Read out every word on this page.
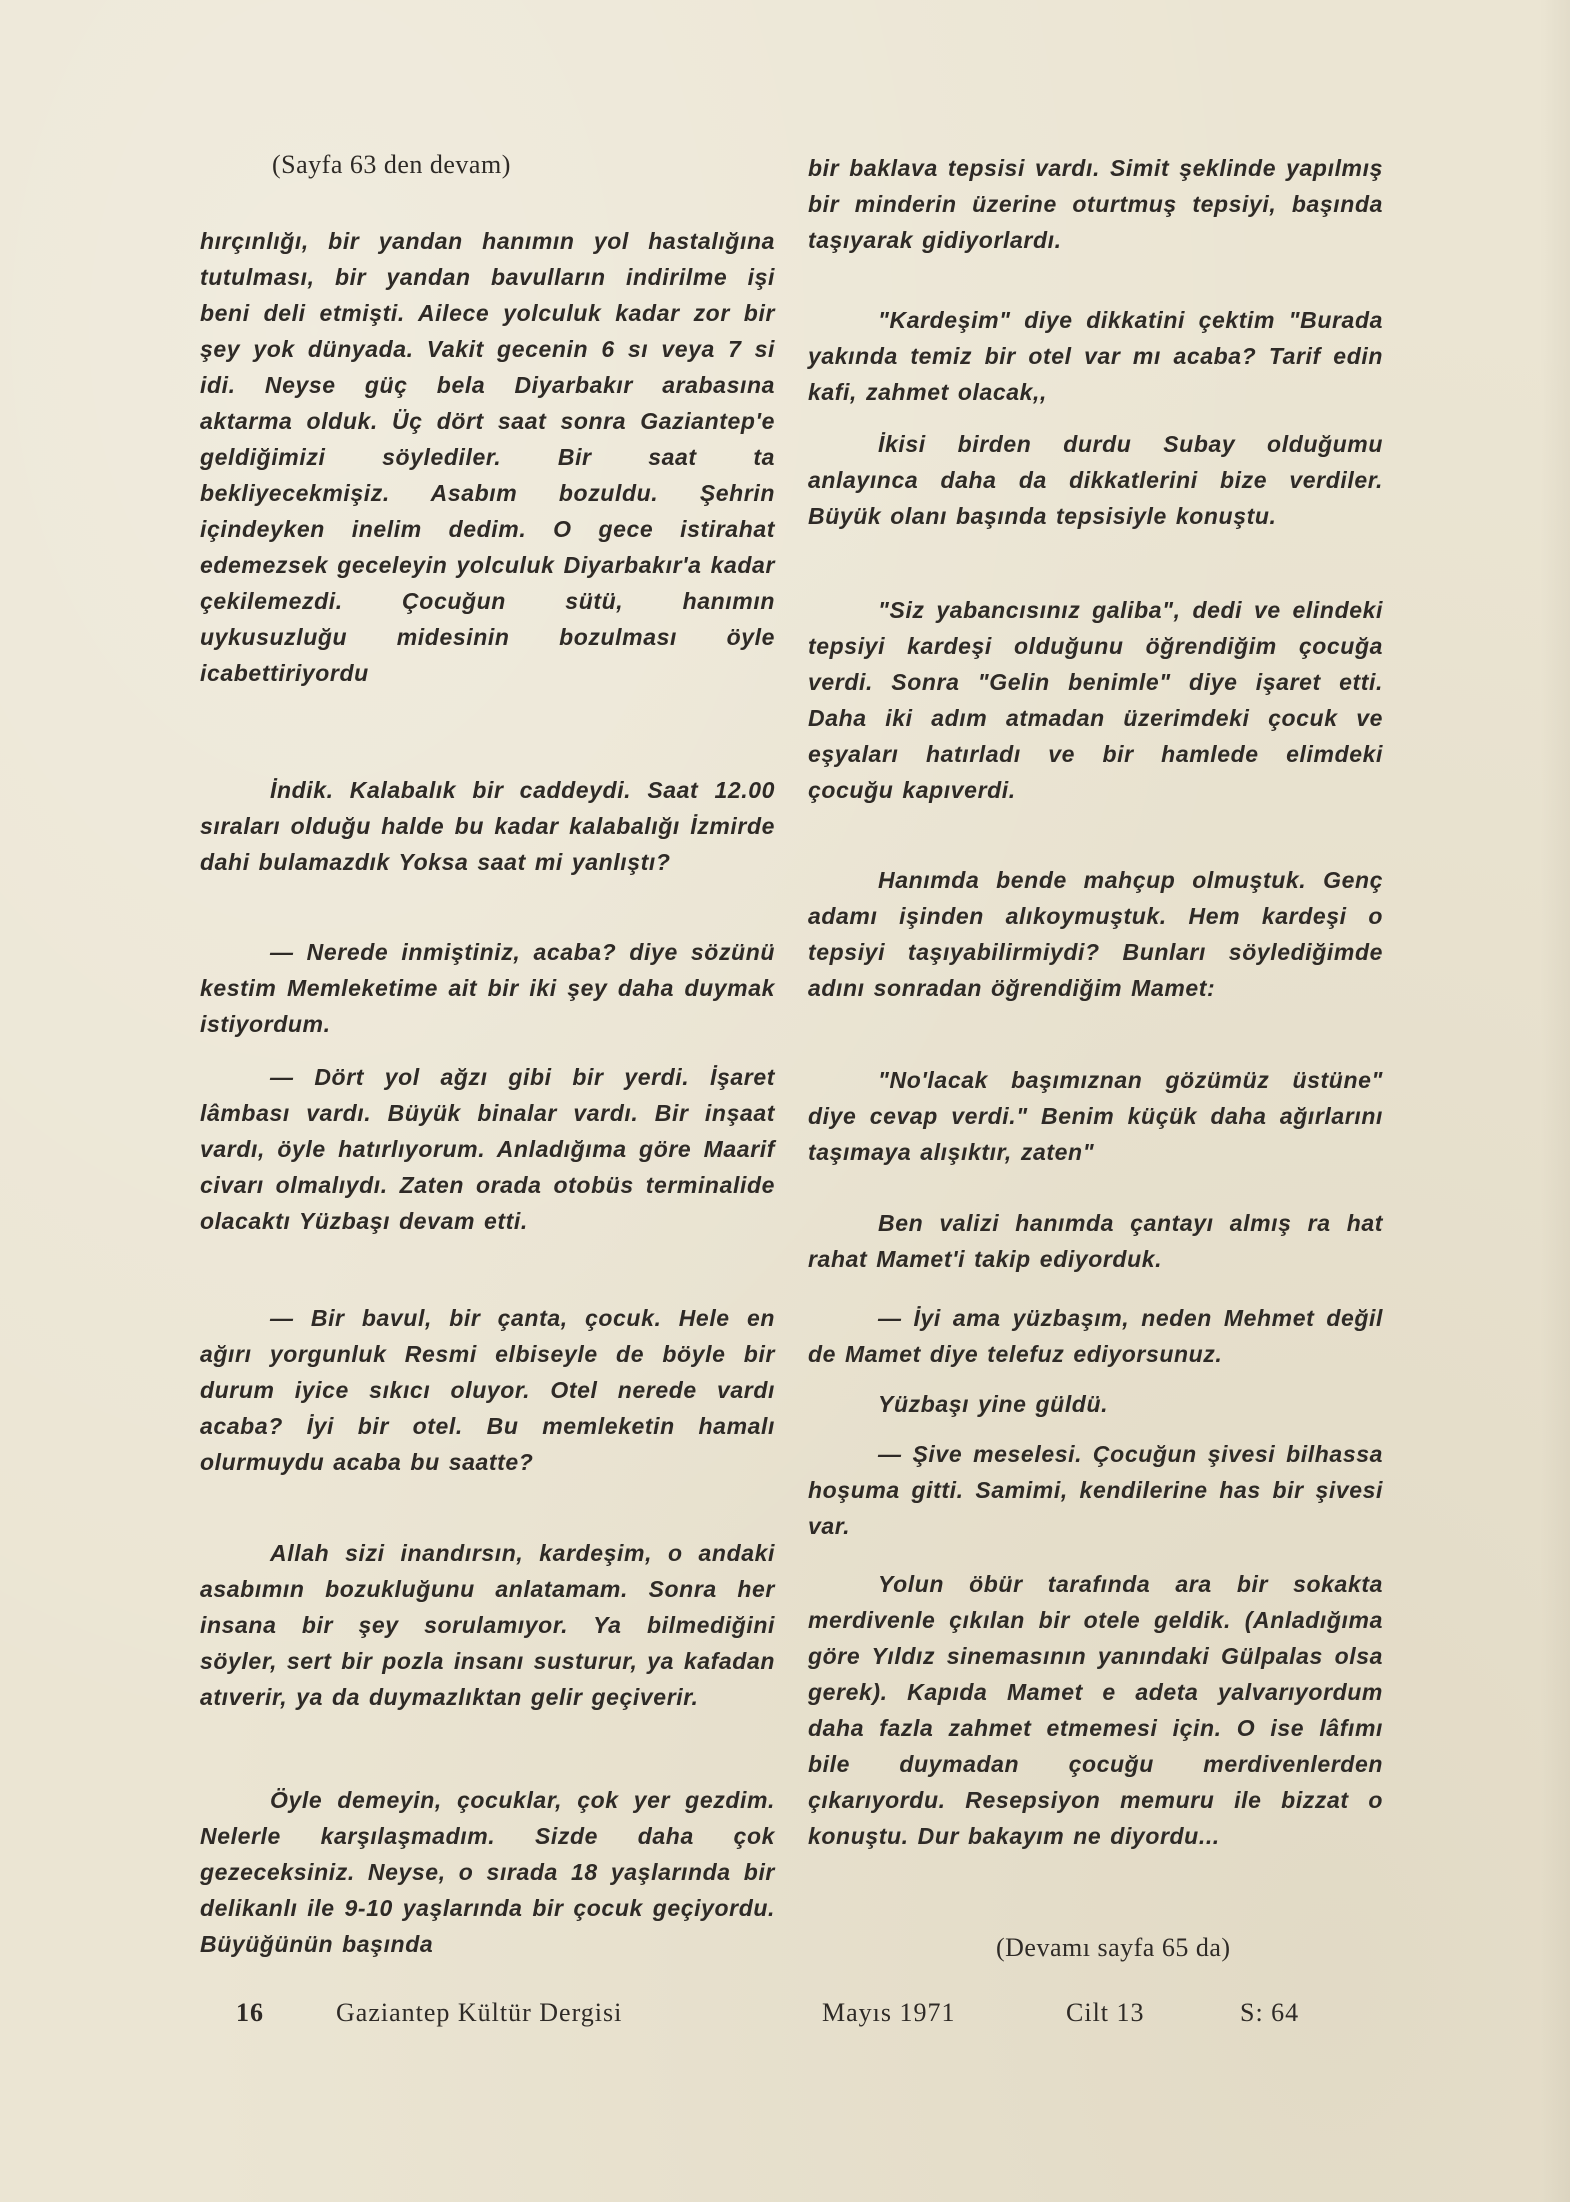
(Sayfa 63 den devam)

hırçınlığı, bir yandan hanımın yol hastalığına tutulması, bir yandan bavulların indirilme işi beni deli etmişti. Ailece yolculuk kadar zor bir şey yok dünyada. Vakit gecenin 6 sı veya 7 si idi. Neyse güç bela Diyarbakır arabasına aktarma olduk. Üç dört saat sonra Gaziantep'e geldiğimizi söylediler. Bir saat ta bekliyecekmişiz. Asabım bozuldu. Şehrin içindeyken inelim dedim. O gece istirahat edemezsek geceleyin yolculuk Diyarbakır'a kadar çekilemezdi. Çocuğun sütü, hanımın uykusuzluğu midesinin bozulması öyle icabettiriyordu

İndik. Kalabalık bir caddeydi. Saat 12.00 sıraları olduğu halde bu kadar kalabalığı İzmirde dahi bulamazdık Yoksa saat mi yanlıştı?

— Nerede inmiştiniz, acaba? diye sözünü kestim Memleketime ait bir iki şey daha duymak istiyordum.

— Dört yol ağzı gibi bir yerdi. İşaret lâmbası vardı. Büyük binalar vardı. Bir inşaat vardı, öyle hatırlıyorum. Anladığıma göre Maarif civarı olmalıydı. Zaten orada otobüs terminalide olacaktı Yüzbaşı devam etti.

— Bir bavul, bir çanta, çocuk. Hele en ağırı yorgunluk Resmi elbiseyle de böyle bir durum iyice sıkıcı oluyor. Otel nerede vardı acaba? İyi bir otel. Bu memleketin hamalı olurmuydu acaba bu saatte?

Allah sizi inandırsın, kardeşim, o andaki asabımın bozukluğunu anlatamam. Sonra her insana bir şey sorulamıyor. Ya bilmediğini söyler, sert bir pozla insanı susturur, ya kafadan atıverir, ya da duymazlıktan gelir geçiverir.

Öyle demeyin, çocuklar, çok yer gezdim. Nelerle karşılaşmadım. Sizde daha çok gezeceksiniz. Neyse, o sırada 18 yaşlarında bir delikanlı ile 9-10 yaşlarında bir çocuk geçiyordu. Büyüğünün başında

bir baklava tepsisi vardı. Simit şeklinde yapılmış bir minderin üzerine oturtmuş tepsiyi, başında taşıyarak gidiyorlardı.

"Kardeşim" diye dikkatini çektim "Burada yakında temiz bir otel var mı acaba? Tarif edin kafi, zahmet olacak,,

İkisi birden durdu Subay olduğumu anlayınca daha da dikkatlerini bize verdiler. Büyük olanı başında tepsisiyle konuştu.

"Siz yabancısınız galiba", dedi ve elindeki tepsiyi kardeşi olduğunu öğrendiğim çocuğa verdi. Sonra "Gelin benimle" diye işaret etti. Daha iki adım atmadan üzerimdeki çocuk ve eşyaları hatırladı ve bir hamlede elimdeki çocuğu kapıverdi.

Hanımda bende mahçup olmuştuk. Genç adamı işinden alıkoymuştuk. Hem kardeşi o tepsiyi taşıyabilirmiydi? Bunları söylediğimde adını sonradan öğrendiğim Mamet:

"No'lacak başımıznan gözümüz üstüne" diye cevap verdi." Benim küçük daha ağırlarını taşımaya alışıktır, zaten"

Ben valizi hanımda çantayı almış ra hat rahat Mamet'i takip ediyorduk.

— İyi ama yüzbaşım, neden Mehmet değil de Mamet diye telefuz ediyorsunuz.

Yüzbaşı yine güldü.

— Şive meselesi. Çocuğun şivesi bilhassa hoşuma gitti. Samimi, kendilerine has bir şivesi var.

Yolun öbür tarafında ara bir sokakta merdivenle çıkılan bir otele geldik. (Anladığıma göre Yıldız sinemasının yanındaki Gülpalas olsa gerek). Kapıda Mamet e adeta yalvarıyordum daha fazla zahmet etmemesi için. O ise lâfımı bile duymadan çocuğu merdivenlerden çıkarıyordu. Resepsiyon memuru ile bizzat o konuştu. Dur bakayım ne diyordu...

(Devamı sayfa 65 da)
16	Gaziantep Kültür Dergisi	Mayıs 1971	Cilt 13	S: 64
